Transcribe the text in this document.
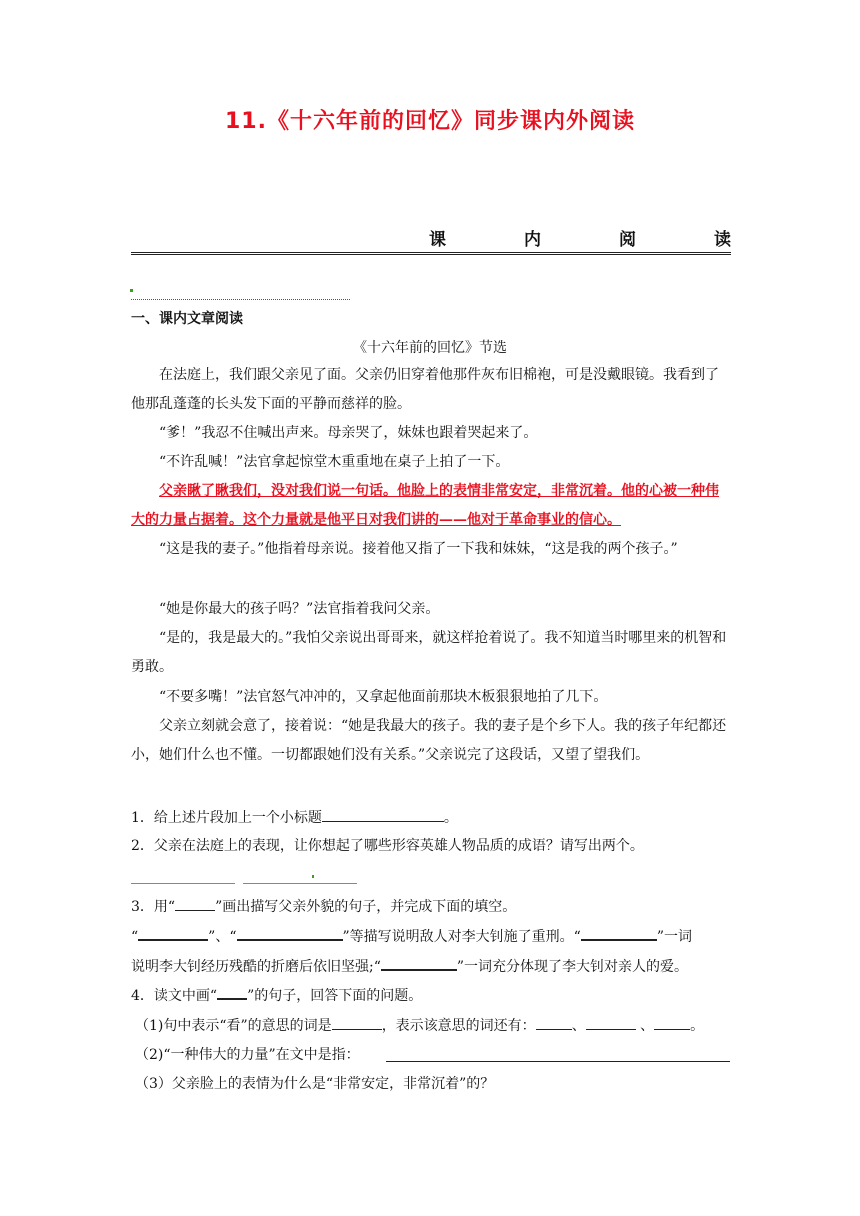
11.《十六年前的回忆》同步课内外阅读
课	内	阅	读
一、课内文章阅读
《十六年前的回忆》节选
在法庭上，我们跟父亲见了面。父亲仍旧穿着他那件灰布旧棉袍，可是没戴眼镜。我看到了他那乱蓬蓬的长头发下面的平静而慈祥的脸。
“爹！”我忍不住喊出声来。母亲哭了，妹妹也跟着哭起来了。
“不许乱喊！”法官拿起惊堂木重重地在桌子上拍了一下。
父亲瞅了瞅我们，没对我们说一句话。他脸上的表情非常安定，非常沉着。他的心被一种伟大的力量占据着。这个力量就是他平日对我们讲的——他对于革命事业的信心。
“这是我的妻子。”他指着母亲说。接着他又指了一下我和妹妹，“这是我的两个孩子。”
“她是你最大的孩子吗？”法官指着我问父亲。
“是的，我是最大的。”我怕父亲说出哥哥来，就这样抢着说了。我不知道当时哪里来的机智和勇敢。
“不要多嘴！”法官怒气冲冲的，又拿起他面前那块木板狠狠地拍了几下。
父亲立刻就会意了，接着说：“她是我最大的孩子。我的妻子是个乡下人。我的孩子年纪都还小，她们什么也不懂。一切都跟她们没有关系。”父亲说完了这段话，又望了望我们。
1．给上述片段加上一个小标题	。
2．父亲在法庭上的表现，让你想起了哪些形容英雄人物品质的成语？请写出两个。
3．用“	”画出描写父亲外貌的句子，并完成下面的填空。
“	”、“	”等描写说明敌人对李大钊施了重刑。“	”一词
说明李大钊经历残酷的折磨后依旧坚强;“	”一词充分体现了李大钊对亲人的爱。
4．读文中画“ ”的句子，回答下面的问题。
（1)句中表示“看”的意思的词是	，表示该意思的词还有：	、	、	。
（2)“一种伟大的力量”在文中是指：
（3）父亲脸上的表情为什么是“非常安定，非常沉着”的？
